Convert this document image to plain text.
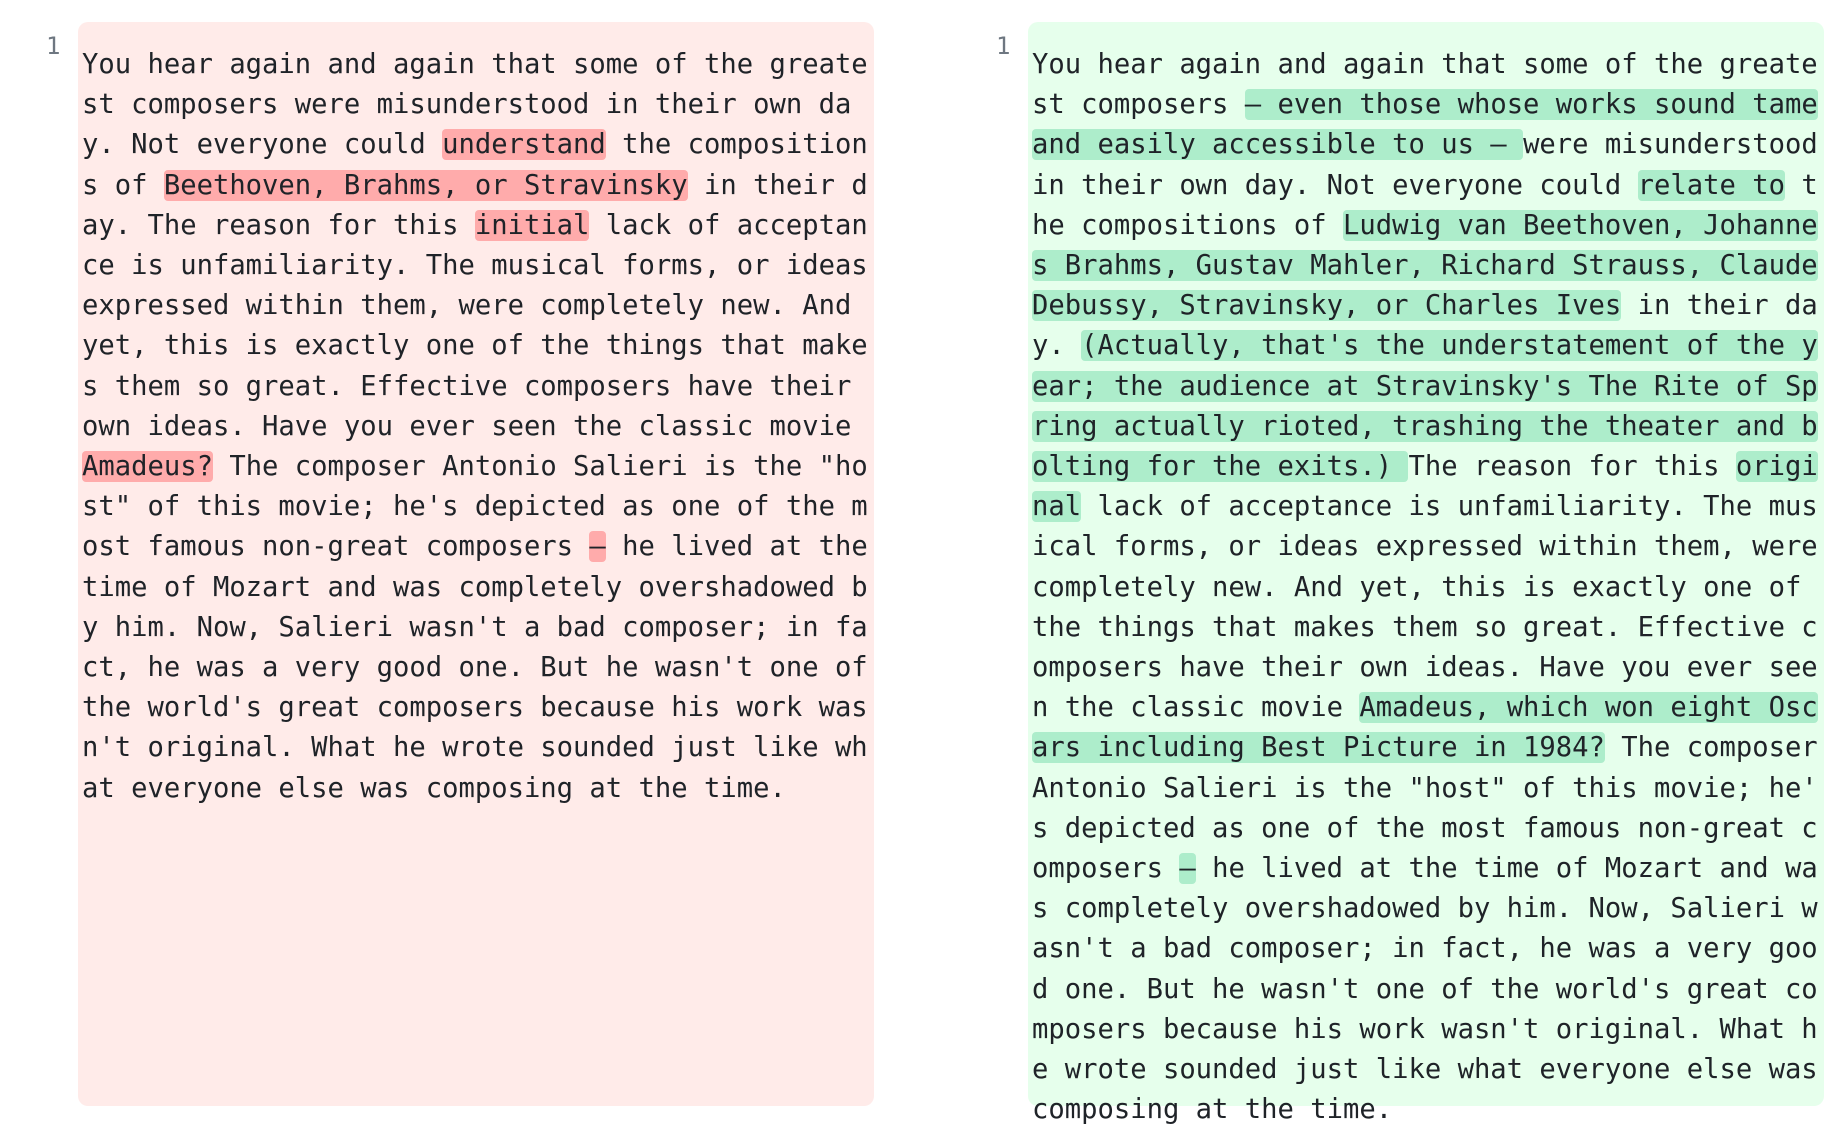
1
You hear again and again that some of the greate
st composers were misunderstood in their own da
y. Not everyone could understand the composition
s of Beethoven, Brahms, or Stravinsky in their d
ay. The reason for this initial lack of acceptan
ce is unfamiliarity. The musical forms, or ideas
expressed within them, were completely new. And
yet, this is exactly one of the things that make
s them so great. Effective composers have their
own ideas. Have you ever seen the classic movie
Amadeus? The composer Antonio Salieri is the "ho
st" of this movie; he's depicted as one of the m
ost famous non-great composers – he lived at the
time of Mozart and was completely overshadowed b
y him. Now, Salieri wasn't a bad composer; in fa
ct, he was a very good one. But he wasn't one of
the world's great composers because his work was
n't original. What he wrote sounded just like wh
at everyone else was composing at the time.
1
You hear again and again that some of the greate
st composers — even those whose works sound tame
and easily accessible to us — were misunderstood
in their own day. Not everyone could relate to t
he compositions of Ludwig van Beethoven, Johanne
s Brahms, Gustav Mahler, Richard Strauss, Claude
Debussy, Stravinsky, or Charles Ives in their da
y. (Actually, that's the understatement of the y
ear; the audience at Stravinsky's The Rite of Sp
ring actually rioted, trashing the theater and b
olting for the exits.) The reason for this origi
nal lack of acceptance is unfamiliarity. The mus
ical forms, or ideas expressed within them, were
completely new. And yet, this is exactly one of
the things that makes them so great. Effective c
omposers have their own ideas. Have you ever see
n the classic movie Amadeus, which won eight Osc
ars including Best Picture in 1984? The composer
Antonio Salieri is the "host" of this movie; he'
s depicted as one of the most famous non-great c
omposers – he lived at the time of Mozart and wa
s completely overshadowed by him. Now, Salieri w
asn't a bad composer; in fact, he was a very goo
d one. But he wasn't one of the world's great co
mposers because his work wasn't original. What h
e wrote sounded just like what everyone else was
composing at the time.
